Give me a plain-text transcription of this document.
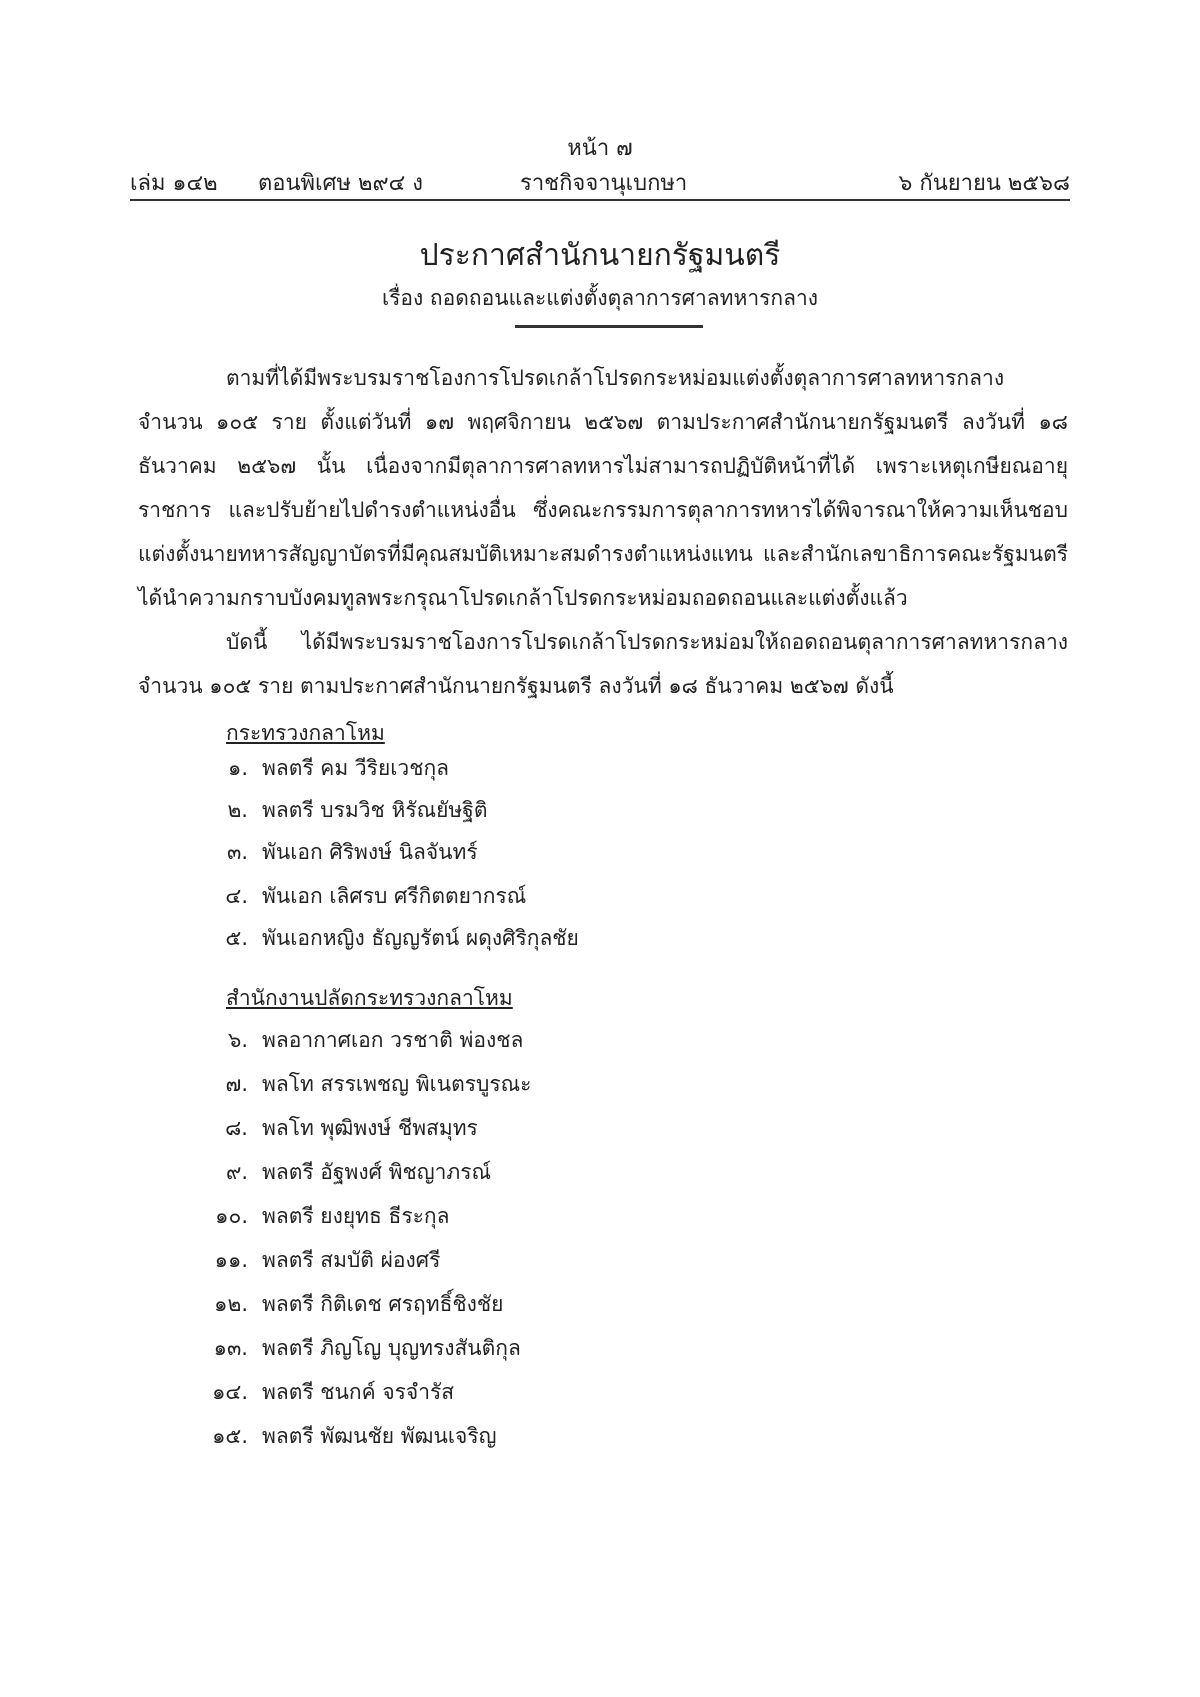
หน้า ๗
เล่ม ๑๔๒ ตอนพิเศษ ๒๙๔ ง	ราชกิจจานุเบกษา	๖ กันยายน ๒๕๖๘
ประกาศสำนักนายกรัฐมนตรี
เรื่อง ถอดถอนและแต่งตั้งตุลาการศาลทหารกลาง
ตามที่ได้มีพระบรมราชโองการโปรดเกล้าโปรดกระหม่อมแต่งตั้งตุลาการศาลทหารกลาง จำนวน ๑๐๕ ราย ตั้งแต่วันที่ ๑๗ พฤศจิกายน ๒๕๖๗ ตามประกาศสำนักนายกรัฐมนตรี ลงวันที่ ๑๘ ธันวาคม ๒๕๖๗ นั้น เนื่องจากมีตุลาการศาลทหารไม่สามารถปฏิบัติหน้าที่ได้ เพราะเหตุเกษียณอายุราชการ และปรับย้ายไปดำรงตำแหน่งอื่น ซึ่งคณะกรรมการตุลาการทหารได้พิจารณาให้ความเห็นชอบแต่งตั้งนายทหารสัญญาบัตรที่มีคุณสมบัติเหมาะสมดำรงตำแหน่งแทน และสำนักเลขาธิการคณะรัฐมนตรีได้นำความกราบบังคมทูลพระกรุณาโปรดเกล้าโปรดกระหม่อมถอดถอนและแต่งตั้งแล้ว
บัดนี้ ได้มีพระบรมราชโองการโปรดเกล้าโปรดกระหม่อมให้ถอดถอนตุลาการศาลทหารกลาง จำนวน ๑๐๕ ราย ตามประกาศสำนักนายกรัฐมนตรี ลงวันที่ ๑๘ ธันวาคม ๒๕๖๗ ดังนี้
กระทรวงกลาโหม
๑. พลตรี คม วีริยเวชกุล
๒. พลตรี บรมวิช หิรัณยัษฐิติ
๓. พันเอก ศิริพงษ์ นิลจันทร์
๔. พันเอก เลิศรบ ศรีกิตตยากรณ์
๕. พันเอกหญิง ธัญญรัตน์ ผดุงศิริกุลชัย
สำนักงานปลัดกระทรวงกลาโหม
๖. พลอากาศเอก วรชาติ พ่องชล
๗. พลโท สรรเพชญ พิเนตรบูรณะ
๘. พลโท พุฒิพงษ์ ชีพสมุทร
๙. พลตรี อัฐพงศ์ พิชญาภรณ์
๑๐. พลตรี ยงยุทธ ธีระกุล
๑๑. พลตรี สมบัติ ผ่องศรี
๑๒. พลตรี กิติเดช ศรฤทธิ์ชิงชัย
๑๓. พลตรี ภิญโญ บุญทรงสันติกุล
๑๔. พลตรี ชนกค์ จรจำรัส
๑๕. พลตรี พัฒนชัย พัฒนเจริญ
